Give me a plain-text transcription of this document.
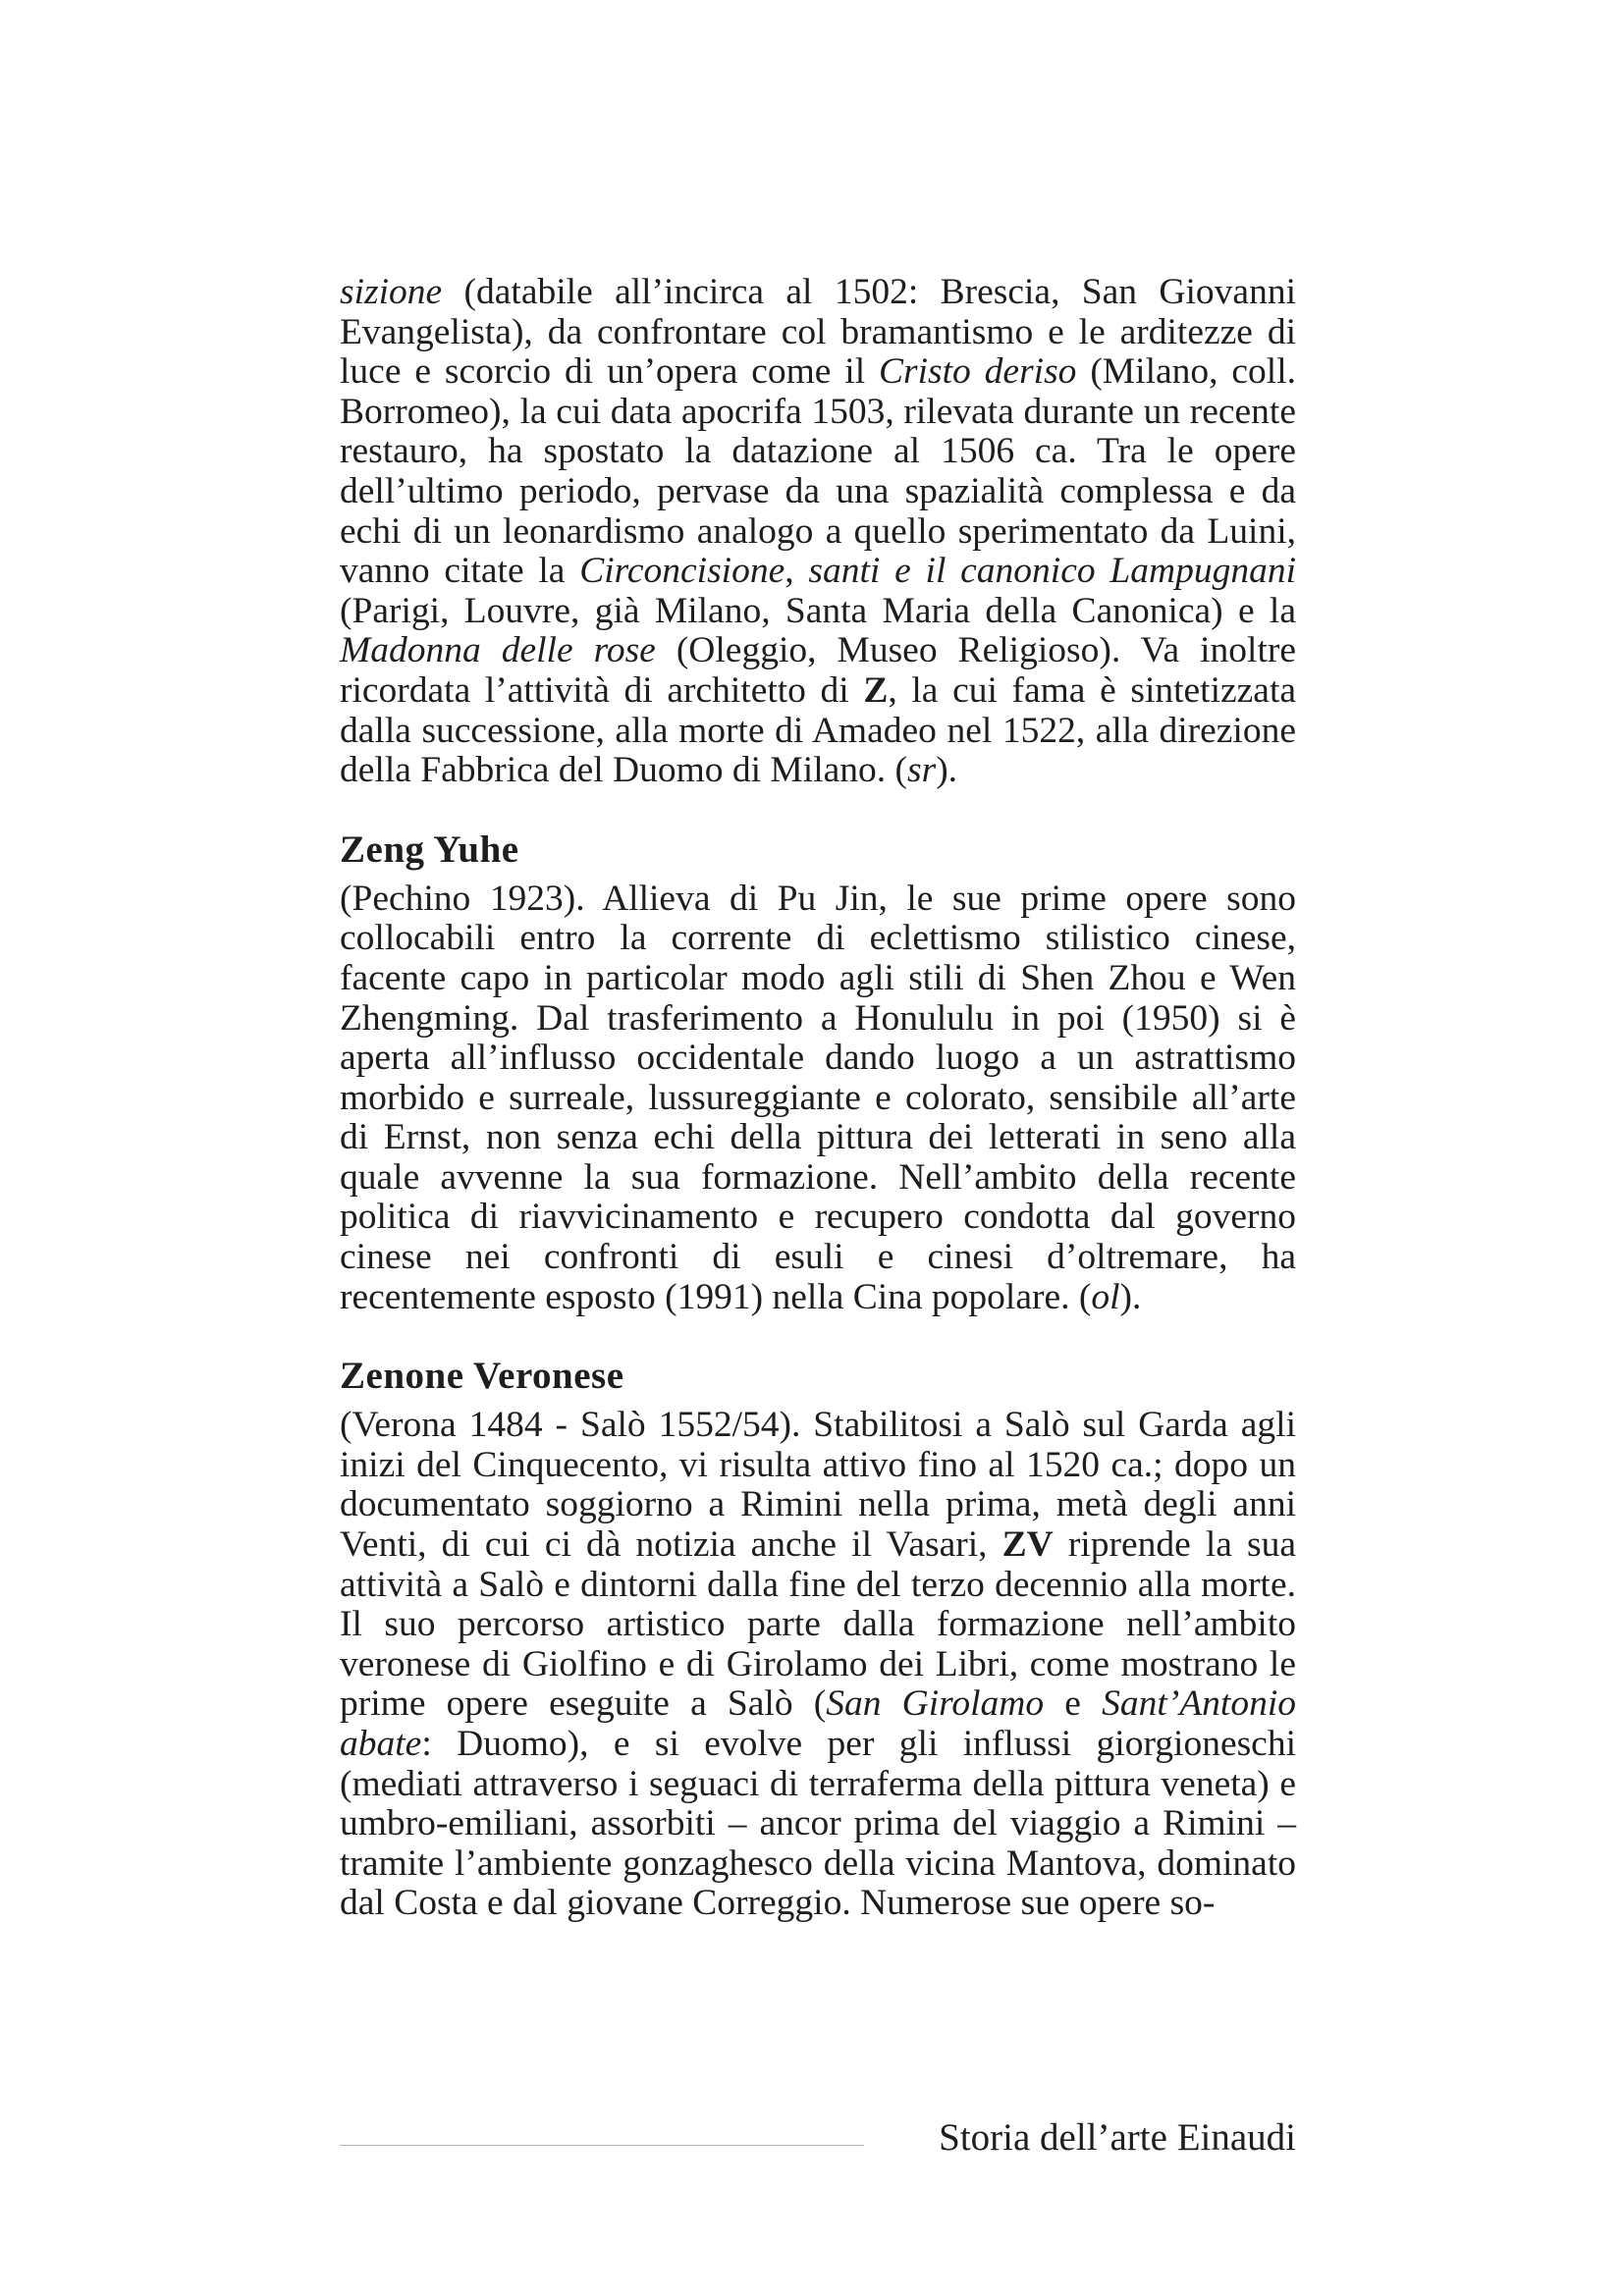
sizione (databile all’incirca al 1502: Brescia, San Giovanni Evangelista), da confrontare col bramantismo e le arditezze di luce e scorcio di un’opera come il Cristo deriso (Milano, coll. Borromeo), la cui data apocrifa 1503, rilevata durante un recente restauro, ha spostato la datazione al 1506 ca. Tra le opere dell’ultimo periodo, pervase da una spazialità complessa e da echi di un leonardismo analogo a quello sperimentato da Luini, vanno citate la Circoncisione, santi e il canonico Lampugnani (Parigi, Louvre, già Milano, Santa Maria della Canonica) e la Madonna delle rose (Oleggio, Museo Religioso). Va inoltre ricordata l’attività di architetto di Z, la cui fama è sintetizzata dalla successione, alla morte di Amadeo nel 1522, alla direzione della Fabbrica del Duomo di Milano. (sr).

Zeng Yuhe

(Pechino 1923). Allieva di Pu Jin, le sue prime opere sono collocabili entro la corrente di eclettismo stilistico cinese, facente capo in particolar modo agli stili di Shen Zhou e Wen Zhengming. Dal trasferimento a Honululu in poi (1950) si è aperta all’influsso occidentale dando luogo a un astrattismo morbido e surreale, lussureggiante e colorato, sensibile all’arte di Ernst, non senza echi della pittura dei letterati in seno alla quale avvenne la sua formazione. Nell’ambito della recente politica di riavvicinamento e recupero condotta dal governo cinese nei confronti di esuli e cinesi d’oltremare, ha recentemente esposto (1991) nella Cina popolare. (ol).

Zenone Veronese

(Verona 1484 - Salò 1552/54). Stabilitosi a Salò sul Garda agli inizi del Cinquecento, vi risulta attivo fino al 1520 ca.; dopo un documentato soggiorno a Rimini nella prima, metà degli anni Venti, di cui ci dà notizia anche il Vasari, ZV riprende la sua attività a Salò e dintorni dalla fine del terzo decennio alla morte. Il suo percorso artistico parte dalla formazione nell’ambito veronese di Giolfino e di Girolamo dei Libri, come mostrano le prime opere eseguite a Salò (San Girolamo e Sant’Antonio abate: Duomo), e si evolve per gli influssi giorgioneschi (mediati attraverso i seguaci di terraferma della pittura veneta) e umbro-emiliani, assorbiti – ancor prima del viaggio a Rimini – tramite l’ambiente gonzaghesco della vicina Mantova, dominato dal Costa e dal giovane Correggio. Numerose sue opere so-

Storia dell’arte Einaudi
